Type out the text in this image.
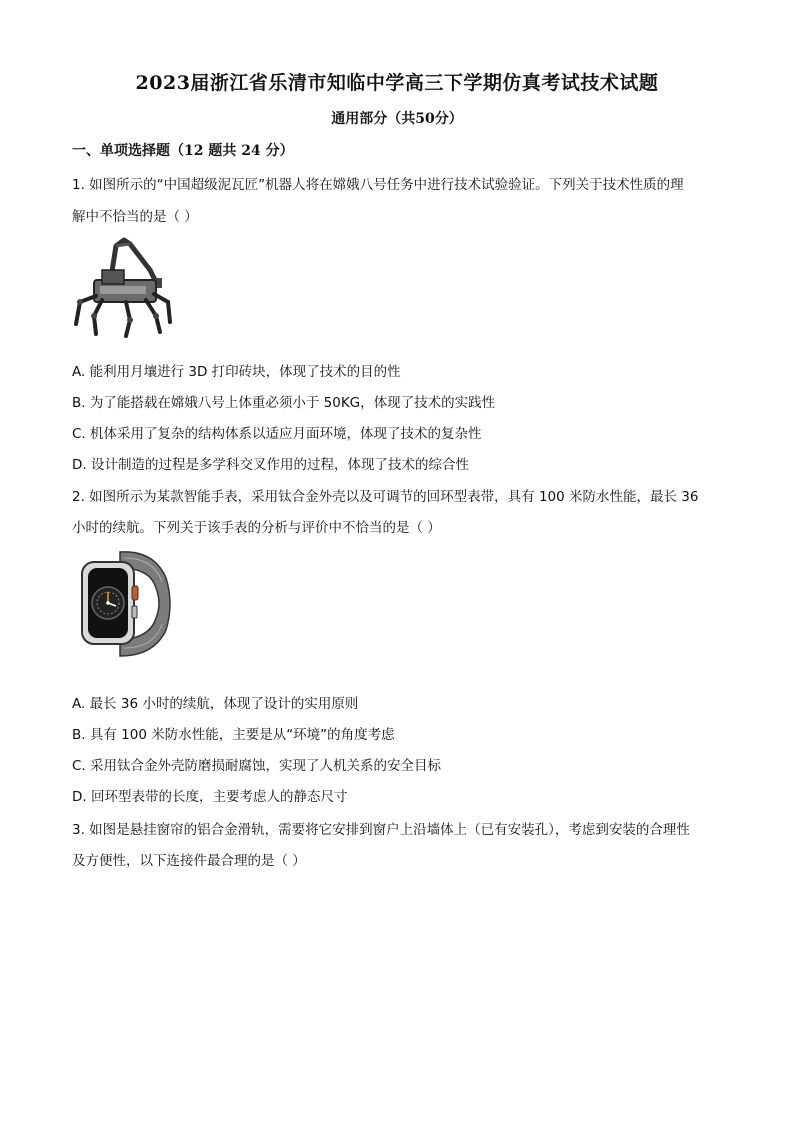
2023届浙江省乐清市知临中学高三下学期仿真考试技术试题
通用部分（共50分）
一、单项选择题（12 题共 24 分）
1. 如图所示的“中国超级泥瓦匠”机器人将在嫦娥八号任务中进行技术试验验证。下列关于技术性质的理
解中不恰当的是（ ）
A. 能利用月壤进行 3D 打印砖块，体现了技术的目的性
B. 为了能搭载在嫦娥八号上体重必须小于 50KG，体现了技术的实践性
C. 机体采用了复杂的结构体系以适应月面环境，体现了技术的复杂性
D. 设计制造的过程是多学科交叉作用的过程，体现了技术的综合性
2. 如图所示为某款智能手表，采用钛合金外壳以及可调节的回环型表带，具有 100 米防水性能，最长 36
小时的续航。下列关于该手表的分析与评价中不恰当的是（ ）
A. 最长 36 小时的续航，体现了设计的实用原则
B. 具有 100 米防水性能，主要是从“环境”的角度考虑
C. 采用钛合金外壳防磨损耐腐蚀，实现了人机关系的安全目标
D. 回环型表带的长度，主要考虑人的静态尺寸
3. 如图是悬挂窗帘的铝合金滑轨，需要将它安排到窗户上沿墙体上（已有安装孔），考虑到安装的合理性
及方便性，以下连接件最合理的是（ ）
